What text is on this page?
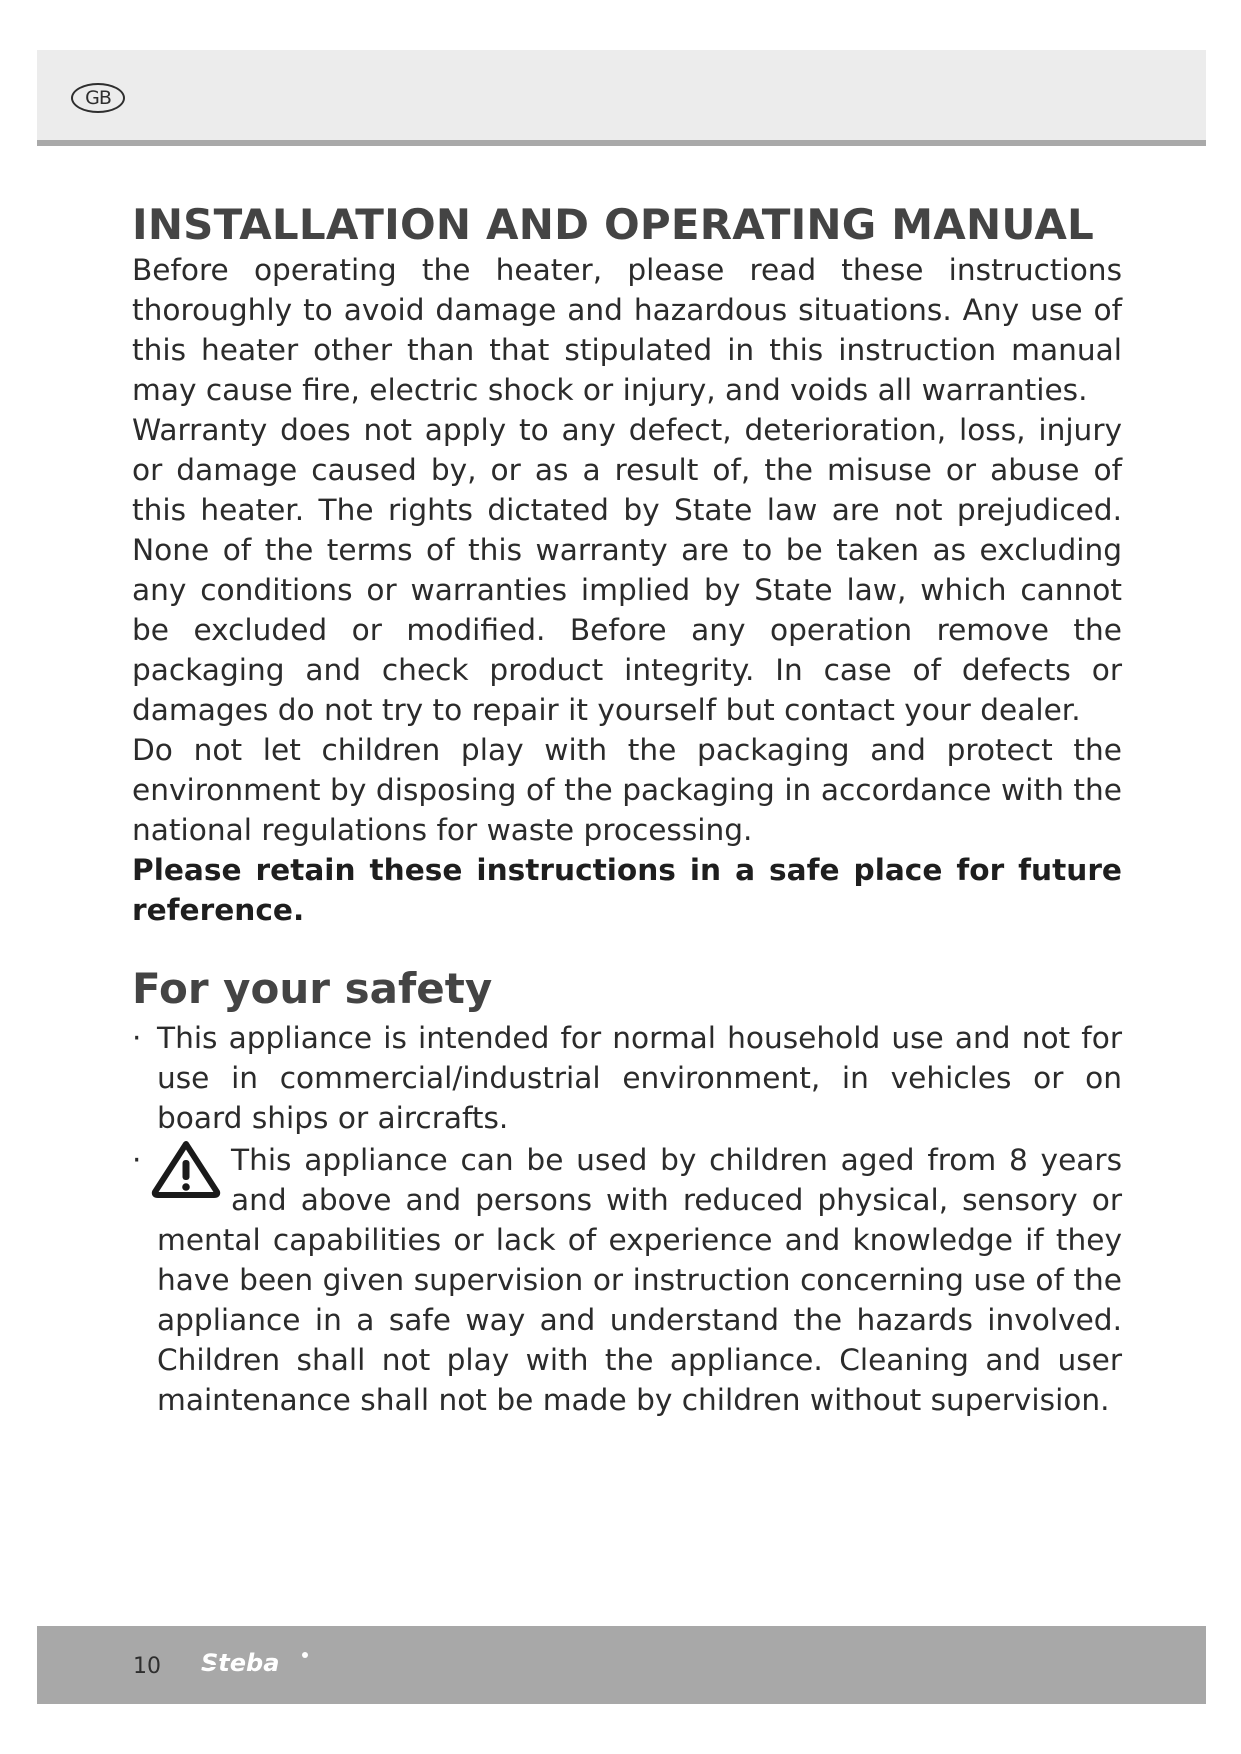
GB
INSTALLATION AND OPERATING MANUAL

Before operating the heater, please read these instructions thoroughly to avoid damage and hazardous situations. Any use of this heater other than that stipulated in this instruction manual may cause fire, electric shock or injury, and voids all warranties.

Warranty does not apply to any defect, deterioration, loss, injury or damage caused by, or as a result of, the misuse or abuse of this heater. The rights dictated by State law are not prejudiced. None of the terms of this warranty are to be taken as excluding any conditions or warranties implied by State law, which cannot be excluded or modified. Before any operation remove the packaging and check product integrity. In case of defects or damages do not try to repair it yourself but contact your dealer.

Do not let children play with the packaging and protect the environment by disposing of the packaging in accordance with the national regulations for waste processing.

Please retain these instructions in a safe place for future reference.

For your safety
· This appliance is intended for normal household use and not for use in commercial/industrial environment, in vehicles or on board ships or aircrafts.
·	This appliance can be used by children aged from 8 years and above and persons with reduced physical, sensory or mental capabilities or lack of experience and knowledge if they have been given supervision or instruction concerning use of the appliance in a safe way and understand the hazards involved. Children shall not play with the appliance. Cleaning and user maintenance shall not be made by children without supervision.
10 Steba
